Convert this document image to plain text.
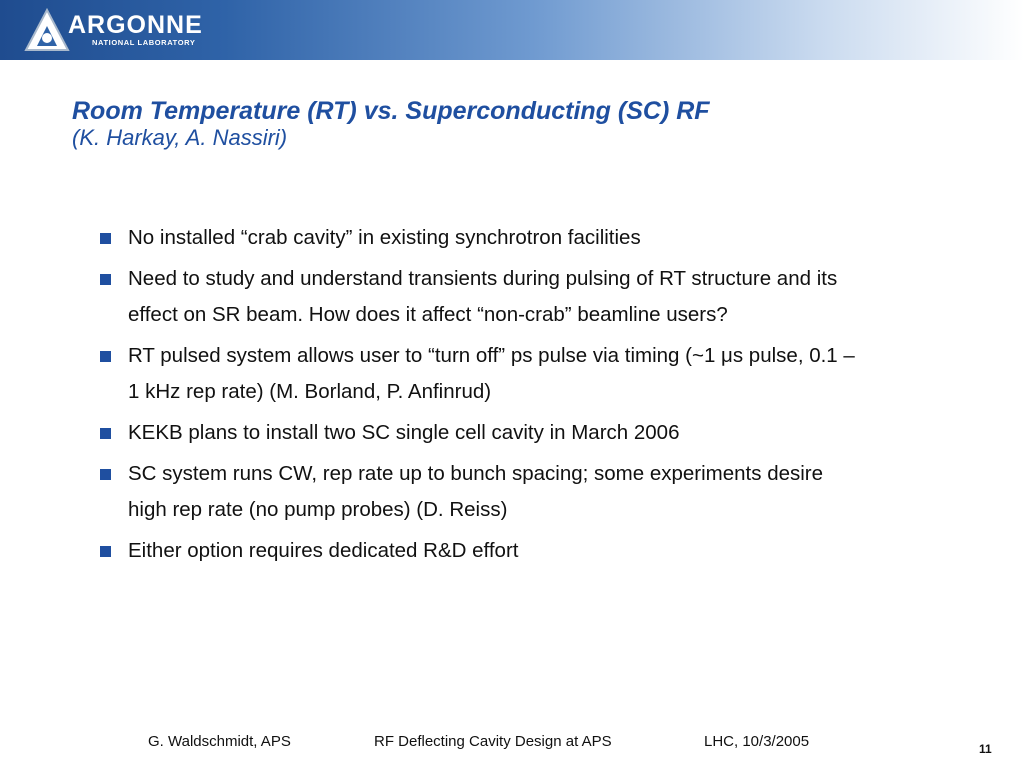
ARGONNE
NATIONAL LABORATORY
Room Temperature (RT) vs. Superconducting (SC) RF

(K. Harkay, A. Nassiri)

No installed “crab cavity” in existing synchrotron facilities
Need to study and understand transients during pulsing of RT structure and its effect on SR beam. How does it affect “non-crab” beamline users?
RT pulsed system allows user to “turn off” ps pulse via timing (~1 μs pulse, 0.1 – 1 kHz rep rate) (M. Borland, P. Anfinrud)
KEKB plans to install two SC single cell cavity in March 2006
SC system runs CW, rep rate up to bunch spacing; some experiments desire high rep rate (no pump probes) (D. Reiss)
Either option requires dedicated R&D effort
G. Waldschmidt, APS	RF Deflecting Cavity Design at APS	LHC, 10/3/2005	11
